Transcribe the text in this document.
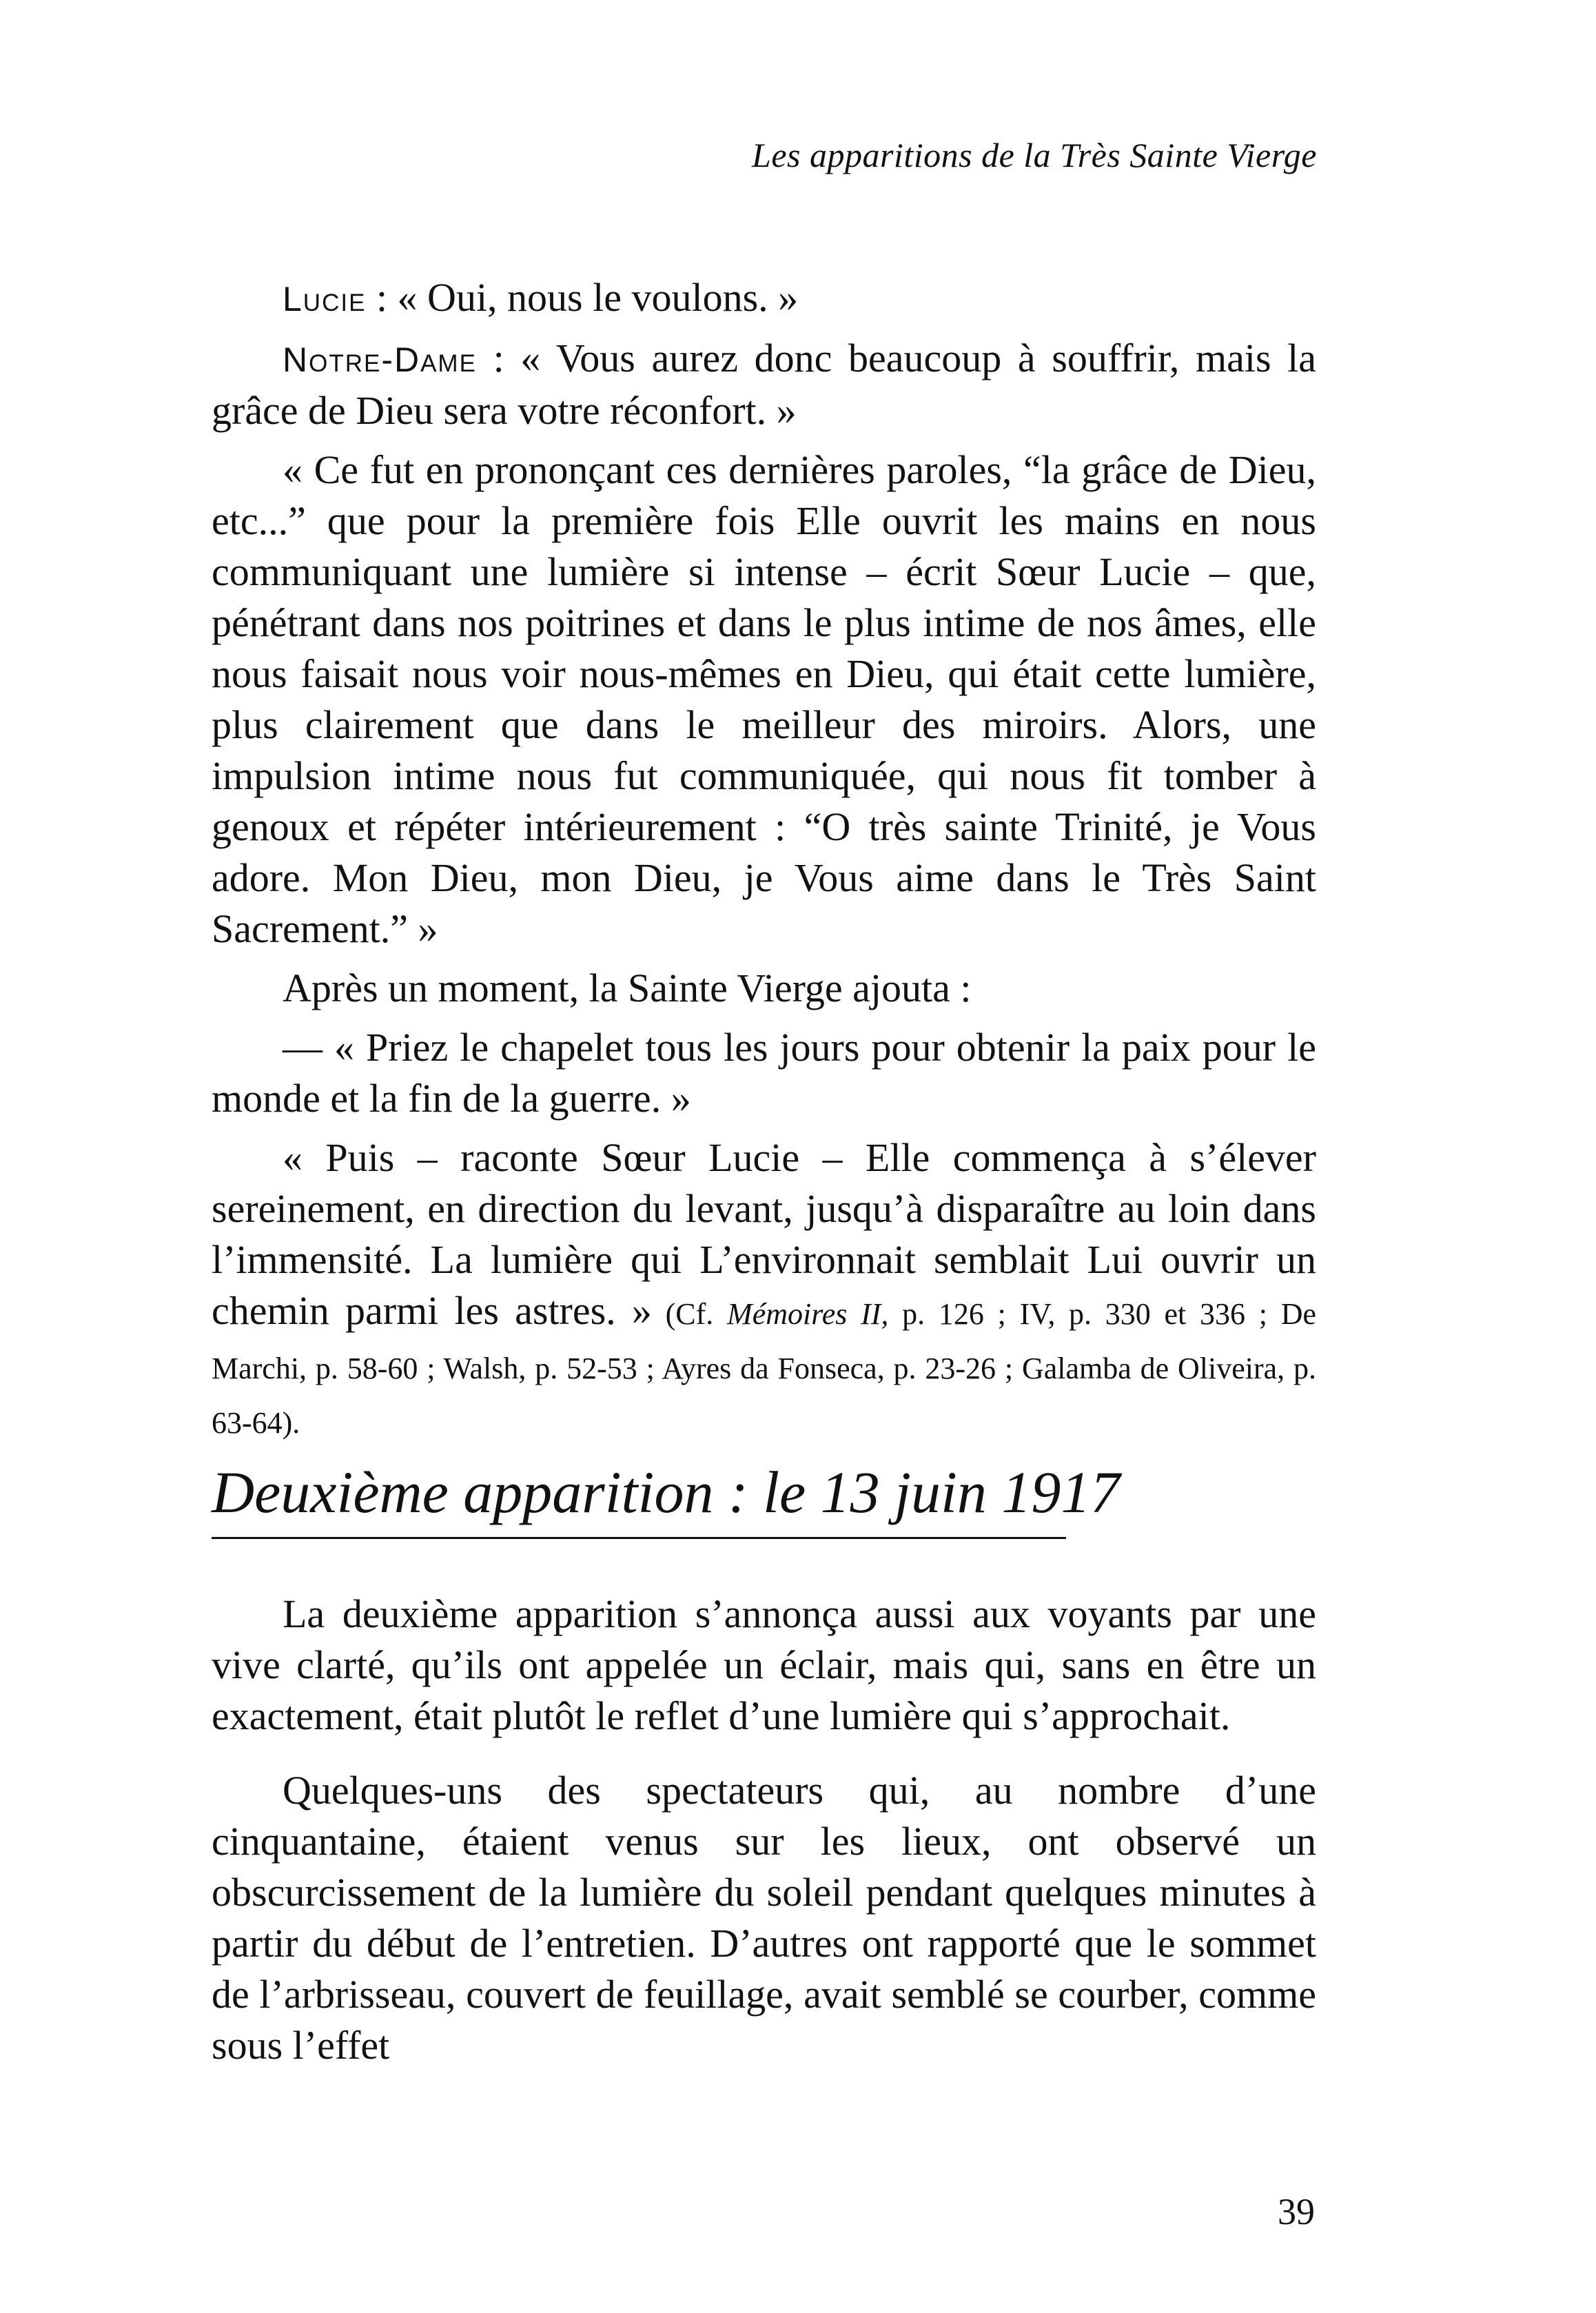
Les apparitions de la Très Sainte Vierge

Lucie : « Oui, nous le voulons. »

Notre-Dame : « Vous aurez donc beaucoup à souffrir, mais la grâce de Dieu sera votre réconfort. »

« Ce fut en prononçant ces dernières paroles, “la grâce de Dieu, etc...” que pour la première fois Elle ouvrit les mains en nous communiquant une lumière si intense – écrit Sœur Lucie – que, pénétrant dans nos poitrines et dans le plus intime de nos âmes, elle nous faisait nous voir nous-mêmes en Dieu, qui était cette lumière, plus clairement que dans le meilleur des miroirs. Alors, une impulsion intime nous fut communiquée, qui nous fit tomber à genoux et répéter intérieurement : “O très sainte Trinité, je Vous adore. Mon Dieu, mon Dieu, je Vous aime dans le Très Saint Sacrement.” »

Après un moment, la Sainte Vierge ajouta :

— « Priez le chapelet tous les jours pour obtenir la paix pour le monde et la fin de la guerre. »

« Puis – raconte Sœur Lucie – Elle commença à s’élever sereinement, en direction du levant, jusqu’à disparaître au loin dans l’immensité. La lumière qui L’environnait semblait Lui ouvrir un chemin parmi les astres. » (Cf. Mémoires II, p. 126 ; IV, p. 330 et 336 ; De Marchi, p. 58-60 ; Walsh, p. 52-53 ; Ayres da Fonseca, p. 23-26 ; Galamba de Oliveira, p. 63-64).

Deuxième apparition : le 13 juin 1917

La deuxième apparition s’annonça aussi aux voyants par une vive clarté, qu’ils ont appelée un éclair, mais qui, sans en être un exactement, était plutôt le reflet d’une lumière qui s’approchait.

Quelques-uns des spectateurs qui, au nombre d’une cinquantaine, étaient venus sur les lieux, ont observé un obscurcissement de la lumière du soleil pendant quelques minutes à partir du début de l’entretien. D’autres ont rapporté que le sommet de l’arbrisseau, couvert de feuillage, avait semblé se courber, comme sous l’effet

39
